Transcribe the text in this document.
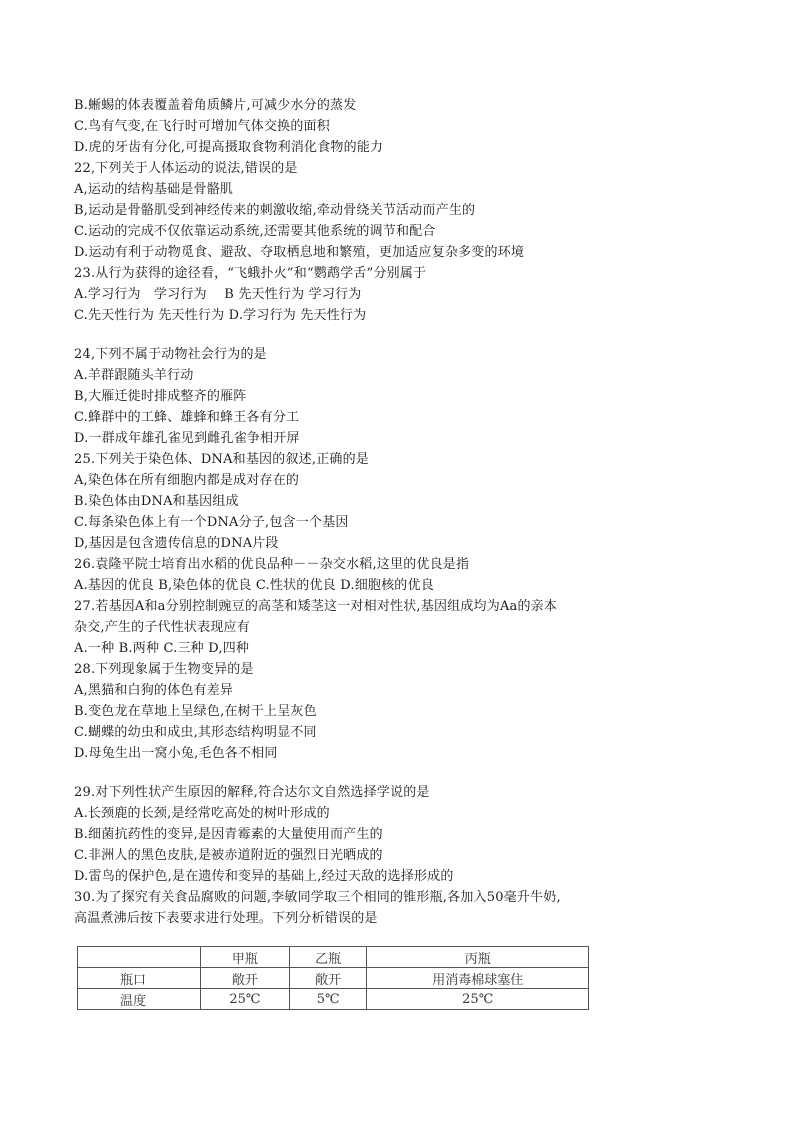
B.蜥蜴的体表覆盖着角质鳞片,可减少水分的蒸发
C.鸟有气变,在飞行时可增加气体交换的面积
D.虎的牙齿有分化,可提高摄取食物利消化食物的能力
22,下列关于人体运动的说法,错误的是
A,运动的结构基础是骨骼肌
B,运动是骨骼肌受到神经传来的刺激收缩,牵动骨绕关节活动而产生的
C.运动的完成不仅依靠运动系统,还需要其他系统的调节和配合
D.运动有利于动物觅食、避敌、夺取栖息地和繁殖，更加适应复杂多变的环境
23.从行为获得的途径看，“飞蛾扑火”和“鹦鹉学舌”分别属于
A.学习行为　学习行为　 B 先天性行为 学习行为
C.先天性行为 先天性行为 D.学习行为 先天性行为
24,下列不属于动物社会行为的是
A.羊群跟随头羊行动
B,大雁迁徙时排成整齐的雁阵
C.蜂群中的工蜂、雄蜂和蜂王各有分工
D.一群成年雄孔雀见到雌孔雀争相开屏
25.下列关于染色体、DNA和基因的叙述,正确的是
A,染色体在所有细胞内都是成对存在的
B.染色体由DNA和基因组成
C.每条染色体上有一个DNA分子,包含一个基因
D,基因是包含遗传信息的DNA片段
26.袁隆平院士培育出水稻的优良品种－－杂交水稻,这里的优良是指
A.基因的优良 B,染色体的优良 C.性状的优良 D.细胞核的优良
27.若基因A和a分别控制豌豆的高茎和矮茎这一对相对性状,基因组成均为Aa的亲本
杂交,产生的子代性状表现应有
A.一种 B.两种 C.三种 D,四种
28.下列现象属于生物变异的是
A,黑猫和白狗的体色有差异
B.变色龙在草地上呈绿色,在树干上呈灰色
C.蝴蝶的幼虫和成虫,其形态结构明显不同
D.母兔生出一窝小兔,毛色各不相同
29.对下列性状产生原因的解释,符合达尔文自然选择学说的是
A.长颈鹿的长颈,是经常吃高处的树叶形成的
B.细菌抗药性的变异,是因青霉素的大量使用而产生的
C.非洲人的黑色皮肤,是被赤道附近的强烈日光晒成的
D.雷鸟的保护色,是在遗传和变异的基础上,经过天敌的选择形成的
30.为了探究有关食品腐败的问题,李敏同学取三个相同的锥形瓶,各加入50毫升牛奶,
高温煮沸后按下表要求进行处理。下列分析错误的是
	甲瓶	乙瓶	丙瓶
瓶口	敞开	敞开	用消毒棉球塞住
温度	25℃	5℃	25℃
